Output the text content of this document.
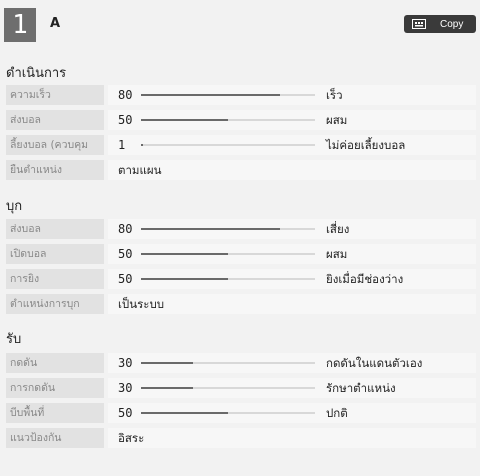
1	A	Copy
ดำเนินการ
ความเร็ว	80	เร็ว
ส่งบอล	50	ผสม
ลี้ยงบอล (ควบคุม	1	ไม่ค่อยเลี้ยงบอล
ยืนตำแหน่ง	ตามแผน
บุก
ส่งบอล	80	เสี่ยง
เปิดบอล	50	ผสม
การยิง	50	ยิงเมื่อมีช่องว่าง
ตำแหน่งการบุก	เป็นระบบ
รับ
กดดัน	30	กดดันในแดนตัวเอง
การกดดัน	30	รักษาตำแหน่ง
บีบพื้นที่	50	ปกติ
แนวป้องกัน	อิสระ
